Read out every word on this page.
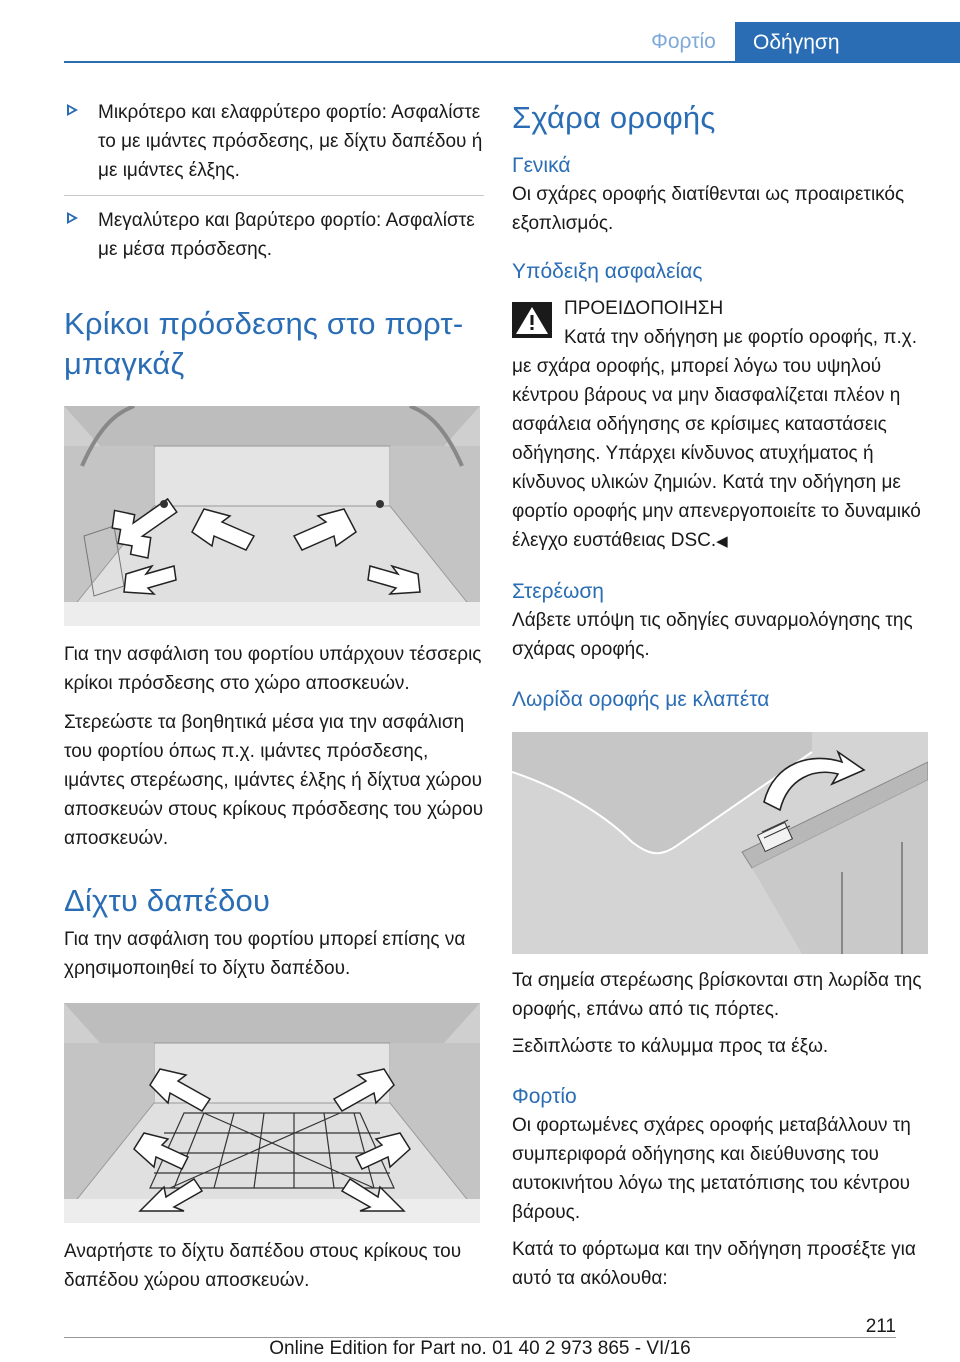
Φορτίο	Οδήγηση
Μικρότερο και ελαφρύτερο φορτίο: Ασφαλίστε το με ιμάντες πρόσδεσης, με δίχτυ δαπέδου ή με ιμάντες έλξης.
Μεγαλύτερο και βαρύτερο φορτίο: Ασφαλίστε με μέσα πρόσδεσης.
Κρίκοι πρόσδεσης στο πορτμπαγκάζ

Για την ασφάλιση του φορτίου υπάρχουν τέσσερις κρίκοι πρόσδεσης στο χώρο αποσκευών.

Στερεώστε τα βοηθητικά μέσα για την ασφάλιση του φορτίου όπως π.χ. ιμάντες πρόσδεσης, ιμάντες στερέωσης, ιμάντες έλξης ή δίχτυα χώρου αποσκευών στους κρίκους πρόσδεσης του χώρου αποσκευών.

Δίχτυ δαπέδου

Για την ασφάλιση του φορτίου μπορεί επίσης να χρησιμοποιηθεί το δίχτυ δαπέδου.

Αναρτήστε το δίχτυ δαπέδου στους κρίκους του δαπέδου χώρου αποσκευών.

Σχάρα οροφής
Γενικά

Οι σχάρες οροφής διατίθενται ως προαιρετικός εξοπλισμός.

Υπόδειξη ασφαλείας
ΠΡΟΕΙΔΟΠΟΙΗΣΗ
Κατά την οδήγηση με φορτίο οροφής, π.χ. με σχάρα οροφής, μπορεί λόγω του υψηλού κέντρου βάρους να μην διασφαλίζεται πλέον η ασφάλεια οδήγησης σε κρίσιμες καταστάσεις οδήγησης. Υπάρχει κίνδυνος ατυχήματος ή κίνδυνος υλικών ζημιών. Κατά την οδήγηση με φορτίο οροφής μην απενεργοποιείτε το δυναμικό έλεγχο ευστάθειας DSC.◀
Στερέωση

Λάβετε υπόψη τις οδηγίες συναρμολόγησης της σχάρας οροφής.

Λωρίδα οροφής με κλαπέτα

Τα σημεία στερέωσης βρίσκονται στη λωρίδα της οροφής, επάνω από τις πόρτες.

Ξεδιπλώστε το κάλυμμα προς τα έξω.

Φορτίο

Οι φορτωμένες σχάρες οροφής μεταβάλλουν τη συμπεριφορά οδήγησης και διεύθυνσης του αυτοκινήτου λόγω της μετατόπισης του κέντρου βάρους.

Κατά το φόρτωμα και την οδήγηση προσέξτε για αυτό τα ακόλουθα:

211
Online Edition for Part no. 01 40 2 973 865 - VI/16
